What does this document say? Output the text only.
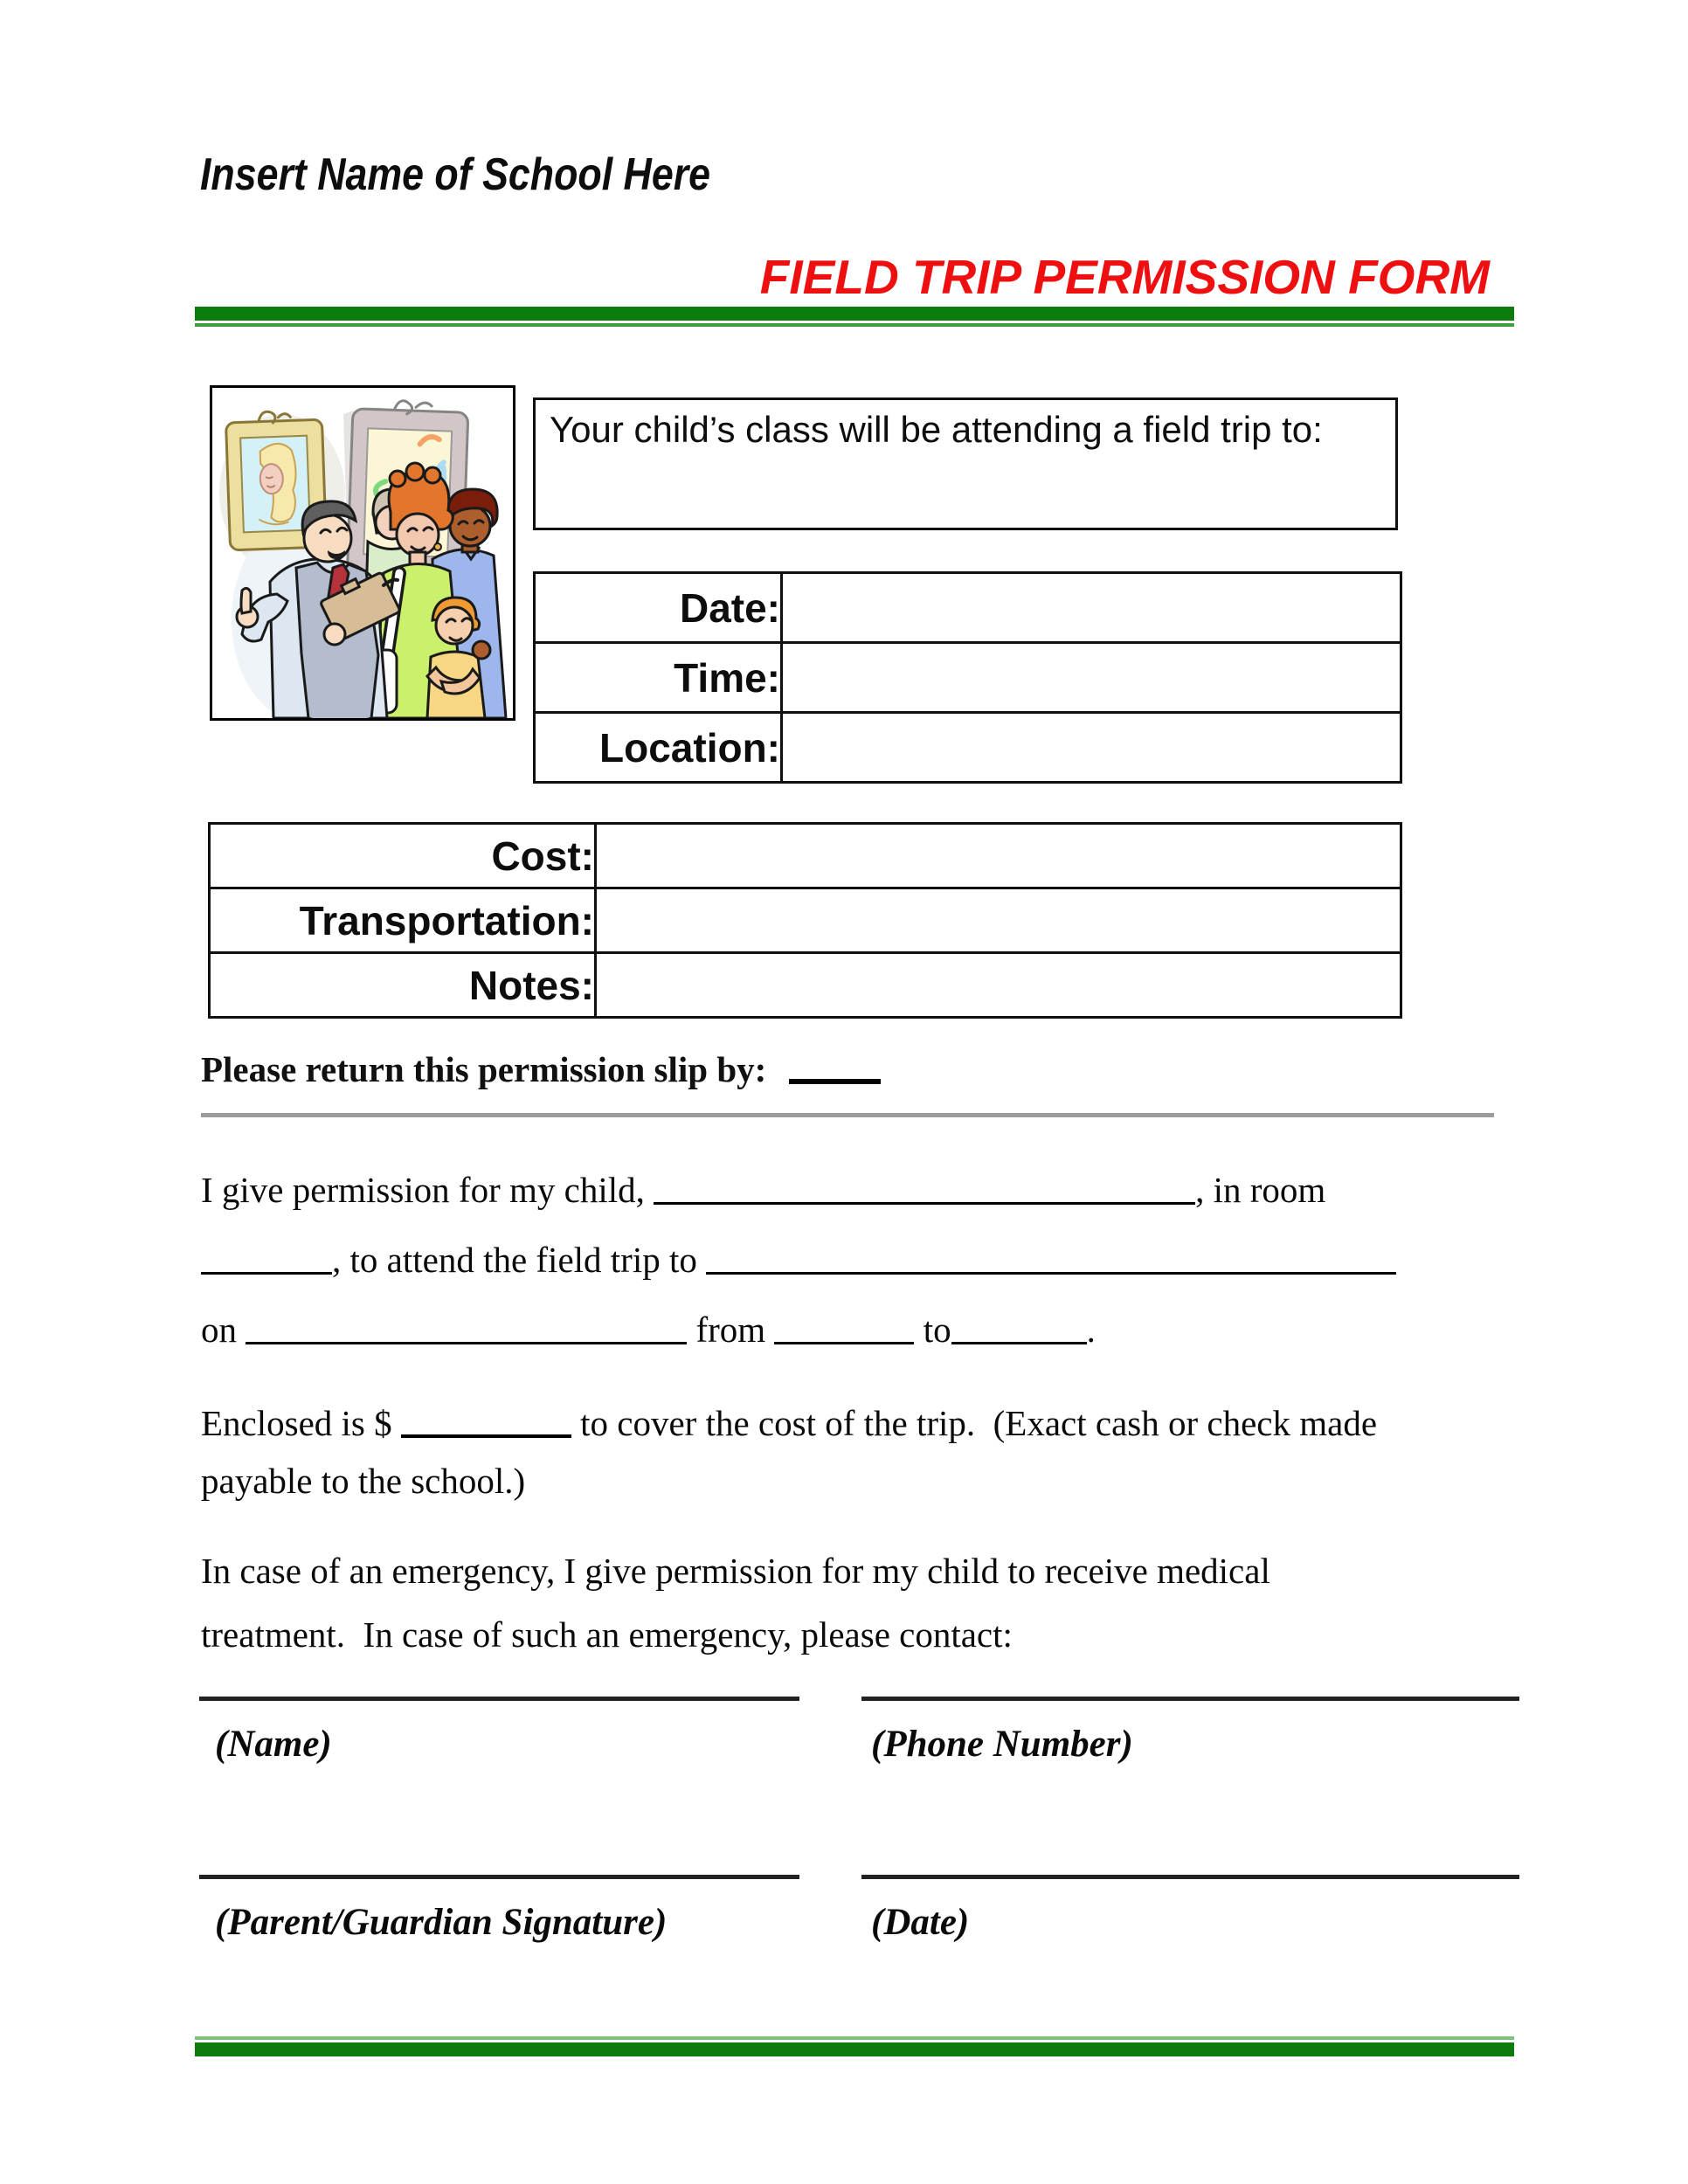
Insert Name of School Here
FIELD TRIP PERMISSION FORM
Your child’s class will be attending a field trip to:
Date:	
Time:	
Location:	
Cost:	
Transportation:	
Notes:	
Please return this permission slip by:
I give permission for my child,	, in room
, to attend the field trip to
on	from	to	.
Enclosed is $	to cover the cost of the trip.  (Exact cash or check made
payable to the school.)
In case of an emergency, I give permission for my child to receive medical
treatment.  In case of such an emergency, please contact:
(Name)	(Phone Number)
(Parent/Guardian Signature)	(Date)
